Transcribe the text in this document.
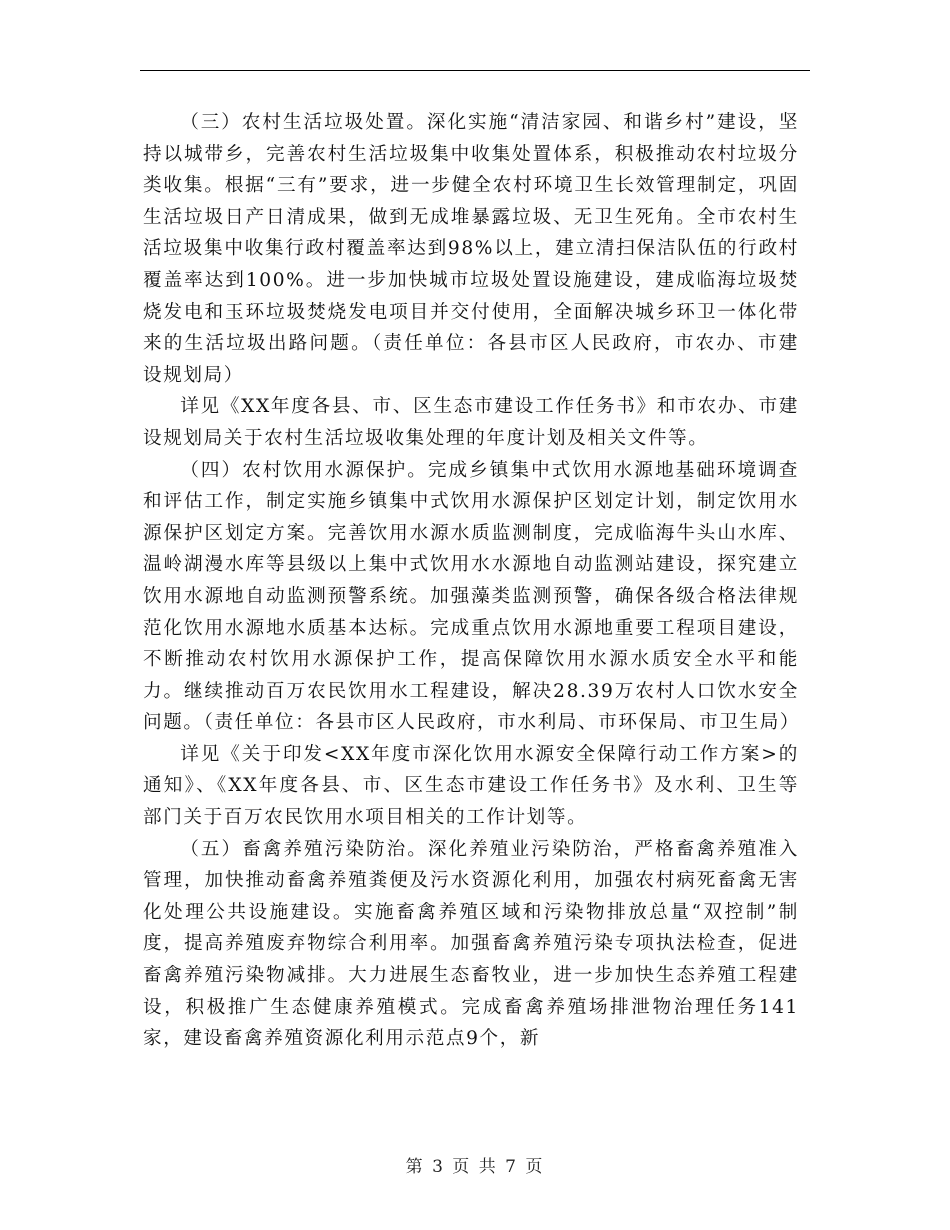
（三）农村生活垃圾处置。深化实施“清洁家园、和谐乡村”建设，坚持以城带乡，完善农村生活垃圾集中收集处置体系，积极推动农村垃圾分类收集。根据“三有”要求，进一步健全农村环境卫生长效管理制定，巩固生活垃圾日产日清成果，做到无成堆暴露垃圾、无卫生死角。全市农村生活垃圾集中收集行政村覆盖率达到98%以上，建立清扫保洁队伍的行政村覆盖率达到100%。进一步加快城市垃圾处置设施建设，建成临海垃圾焚烧发电和玉环垃圾焚烧发电项目并交付使用，全面解决城乡环卫一体化带来的生活垃圾出路问题。（责任单位：各县市区人民政府，市农办、市建设规划局）

详见《XX年度各县、市、区生态市建设工作任务书》和市农办、市建设规划局关于农村生活垃圾收集处理的年度计划及相关文件等。

（四）农村饮用水源保护。完成乡镇集中式饮用水源地基础环境调查和评估工作，制定实施乡镇集中式饮用水源保护区划定计划，制定饮用水源保护区划定方案。完善饮用水源水质监测制度，完成临海牛头山水库、温岭湖漫水库等县级以上集中式饮用水水源地自动监测站建设，探究建立饮用水源地自动监测预警系统。加强藻类监测预警，确保各级合格法律规范化饮用水源地水质基本达标。完成重点饮用水源地重要工程项目建设，不断推动农村饮用水源保护工作，提高保障饮用水源水质安全水平和能力。继续推动百万农民饮用水工程建设，解决28.39万农村人口饮水安全问题。（责任单位：各县市区人民政府，市水利局、市环保局、市卫生局）

详见《关于印发<XX年度市深化饮用水源安全保障行动工作方案>的通知》、《XX年度各县、市、区生态市建设工作任务书》及水利、卫生等部门关于百万农民饮用水项目相关的工作计划等。

（五）畜禽养殖污染防治。深化养殖业污染防治，严格畜禽养殖准入管理，加快推动畜禽养殖粪便及污水资源化利用，加强农村病死畜禽无害化处理公共设施建设。实施畜禽养殖区域和污染物排放总量“双控制”制度，提高养殖废弃物综合利用率。加强畜禽养殖污染专项执法检查，促进畜禽养殖污染物减排。大力进展生态畜牧业，进一步加快生态养殖工程建设，积极推广生态健康养殖模式。完成畜禽养殖场排泄物治理任务141家，建设畜禽养殖资源化利用示范点9个，新

第 3 页 共 7 页
